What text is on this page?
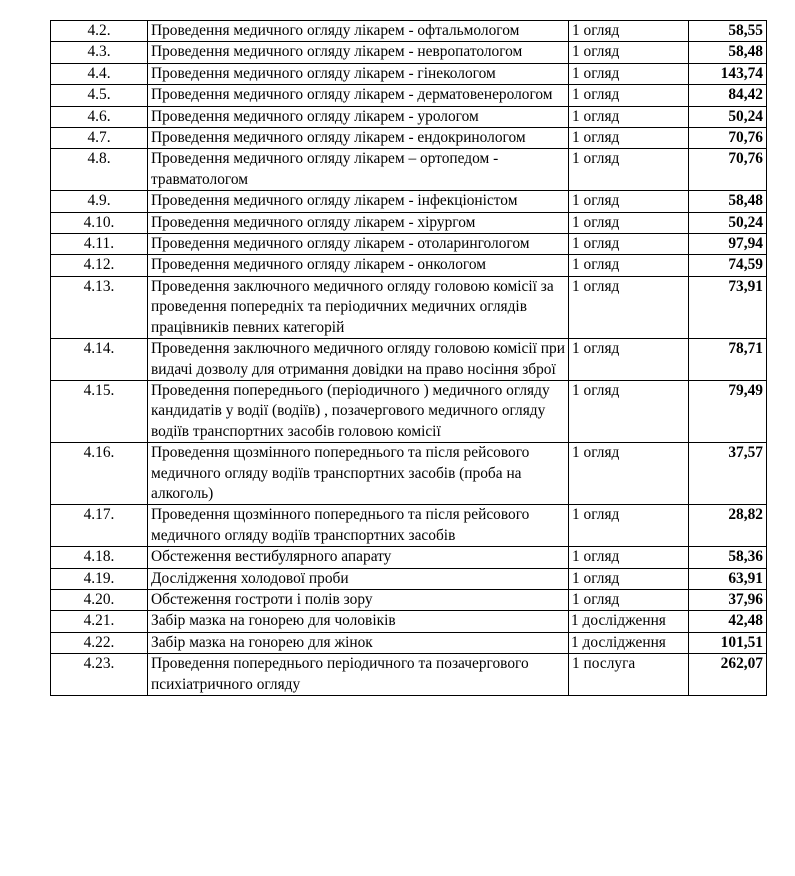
4.2.	Проведення медичного огляду лікарем - офтальмологом	1 огляд	58,55
4.3.	Проведення медичного огляду лікарем - невропатологом	1 огляд	58,48
4.4.	Проведення медичного огляду лікарем - гінекологом	1 огляд	143,74
4.5.	Проведення медичного огляду лікарем - дерматовенерологом	1 огляд	84,42
4.6.	Проведення медичного огляду лікарем - урологом	1 огляд	50,24
4.7.	Проведення медичного огляду лікарем - ендокринологом	1 огляд	70,76
4.8.	Проведення медичного огляду лікарем – ортопедом - травматологом	1 огляд	70,76
4.9.	Проведення медичного огляду лікарем - інфекціоністом	1 огляд	58,48
4.10.	Проведення медичного огляду лікарем - хірургом	1 огляд	50,24
4.11.	Проведення медичного огляду лікарем - отоларингологом	1 огляд	97,94
4.12.	Проведення медичного огляду лікарем - онкологом	1 огляд	74,59
4.13.	Проведення заключного медичного огляду головою комісії за проведення попередніх та періодичних медичних оглядів працівників певних категорій	1 огляд	73,91
4.14.	Проведення заключного медичного огляду головою комісії при видачі дозволу для отримання довідки на право носіння зброї	1 огляд	78,71
4.15.	Проведення попереднього (періодичного ) медичного огляду кандидатів у водії (водіїв) , позачергового медичного огляду водіїв транспортних засобів головою комісії	1 огляд	79,49
4.16.	Проведення щозмінного попереднього та після рейсового медичного огляду водіїв транспортних засобів (проба на алкоголь)	1 огляд	37,57
4.17.	Проведення щозмінного попереднього та після рейсового медичного огляду водіїв транспортних засобів	1 огляд	28,82
4.18.	Обстеження вестибулярного апарату	1 огляд	58,36
4.19.	Дослідження холодової проби	1 огляд	63,91
4.20.	Обстеження гостроти і полів зору	1 огляд	37,96
4.21.	Забір мазка на гонорею для чоловіків	1 дослідження	42,48
4.22.	Забір мазка на гонорею для жінок	1 дослідження	101,51
4.23.	Проведення попереднього періодичного та позачергового психіатричного огляду	1 послуга	262,07
